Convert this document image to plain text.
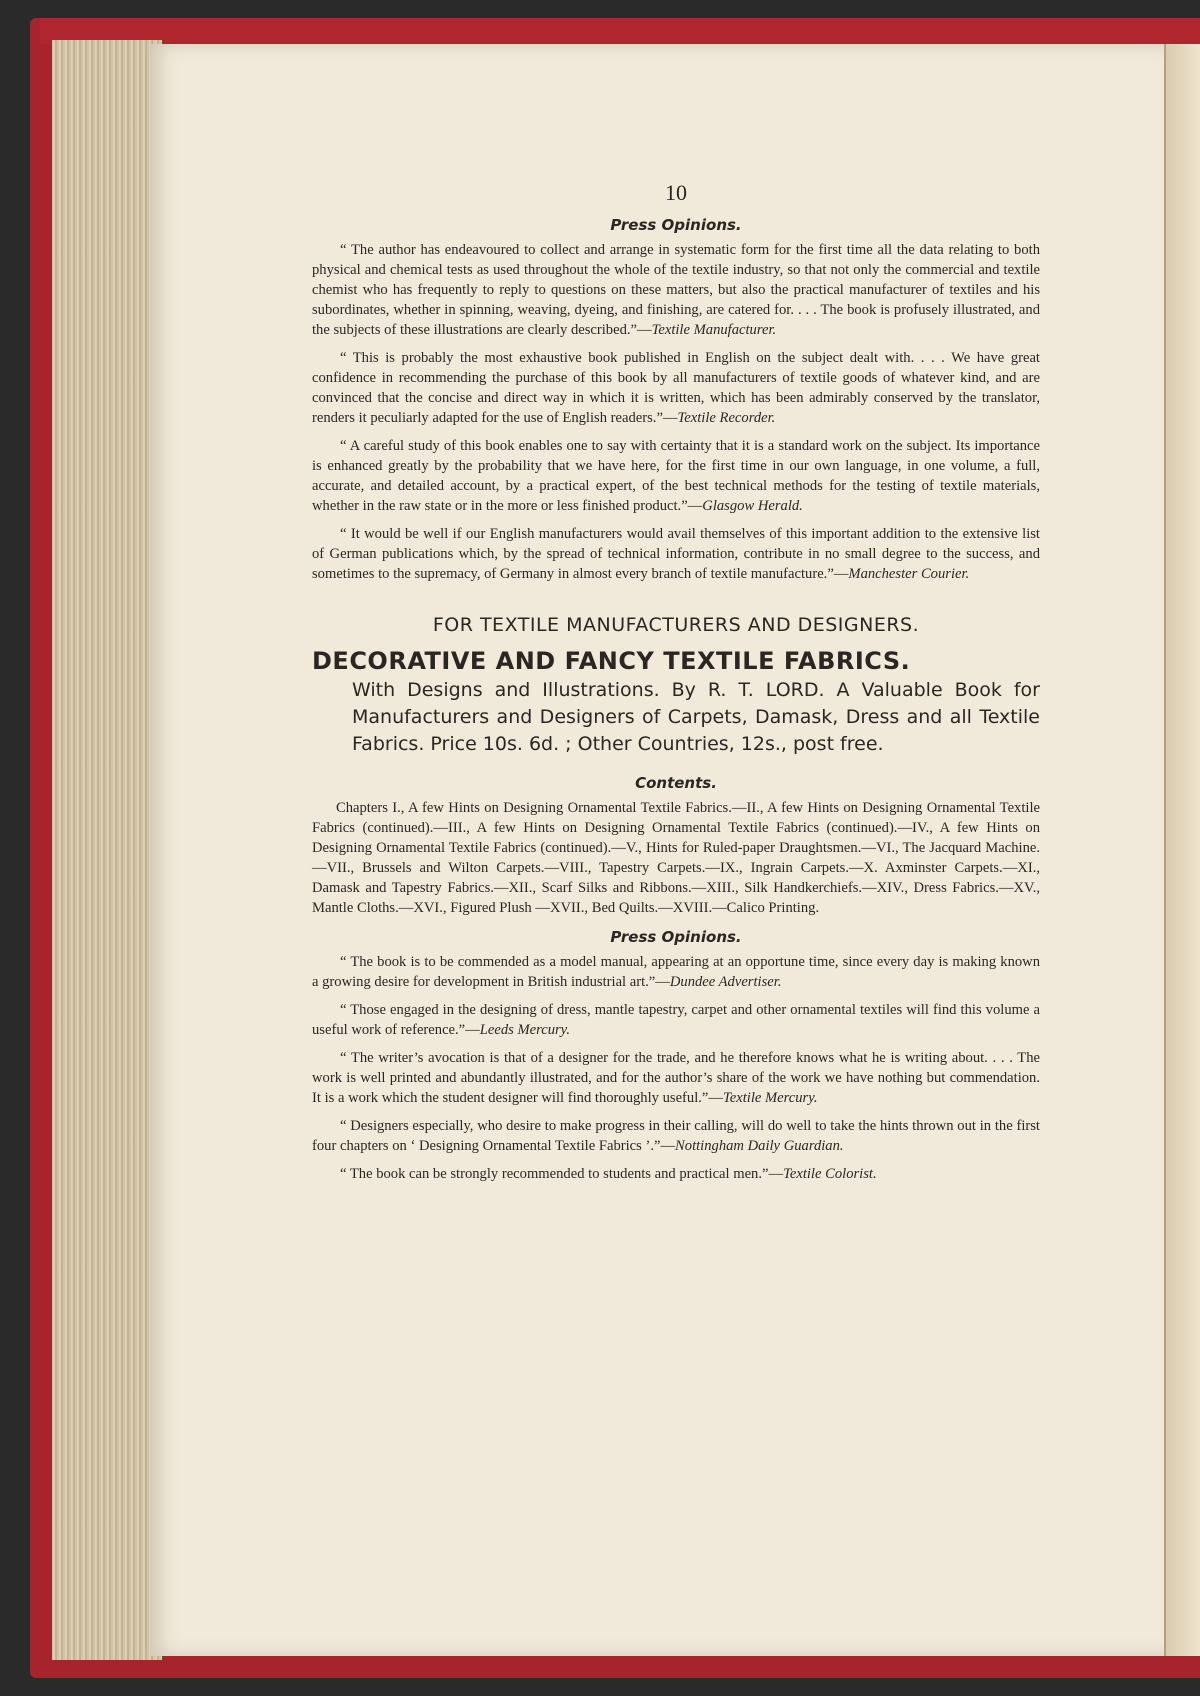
10
Press Opinions.

“ The author has endeavoured to collect and arrange in systematic form for the first time all the data relating to both physical and chemical tests as used throughout the whole of the textile industry, so that not only the commercial and textile chemist who has frequently to reply to questions on these matters, but also the practical manufacturer of textiles and his subordinates, whether in spinning, weaving, dyeing, and finishing, are catered for. . . . The book is profusely illustrated, and the subjects of these illustrations are clearly described.”—Textile Manufacturer.

“ This is probably the most exhaustive book published in English on the subject dealt with. . . . We have great confidence in recommending the purchase of this book by all manufacturers of textile goods of whatever kind, and are convinced that the concise and direct way in which it is written, which has been admirably conserved by the translator, renders it peculiarly adapted for the use of English readers.”—Textile Recorder.

“ A careful study of this book enables one to say with certainty that it is a standard work on the subject. Its importance is enhanced greatly by the probability that we have here, for the first time in our own language, in one volume, a full, accurate, and detailed account, by a practical expert, of the best technical methods for the testing of textile materials, whether in the raw state or in the more or less finished product.”—Glasgow Herald.

“ It would be well if our English manufacturers would avail themselves of this important addition to the extensive list of German publications which, by the spread of technical information, contribute in no small degree to the success, and sometimes to the supremacy, of Germany in almost every branch of textile manufacture.”—Manchester Courier.

FOR TEXTILE MANUFACTURERS AND DESIGNERS.
DECORATIVE AND FANCY TEXTILE FABRICS.
With Designs and Illustrations. By R. T. LORD. A Valuable Book for Manufacturers and Designers of Carpets, Damask, Dress and all Textile Fabrics. Price 10s. 6d. ; Other Countries, 12s., post free.
Contents.

Chapters I., A few Hints on Designing Ornamental Textile Fabrics.—II., A few Hints on Designing Ornamental Textile Fabrics (continued).—III., A few Hints on Designing Ornamental Textile Fabrics (continued).—IV., A few Hints on Designing Ornamental Textile Fabrics (continued).—V., Hints for Ruled-paper Draughtsmen.—VI., The Jacquard Machine.—VII., Brussels and Wilton Carpets.—VIII., Tapestry Carpets.—IX., Ingrain Carpets.—X. Axminster Carpets.—XI., Damask and Tapestry Fabrics.—XII., Scarf Silks and Ribbons.—XIII., Silk Handkerchiefs.—XIV., Dress Fabrics.—XV., Mantle Cloths.—XVI., Figured Plush —XVII., Bed Quilts.—XVIII.—Calico Printing.

Press Opinions.

“ The book is to be commended as a model manual, appearing at an opportune time, since every day is making known a growing desire for development in British industrial art.”—Dundee Advertiser.

“ Those engaged in the designing of dress, mantle tapestry, carpet and other ornamental textiles will find this volume a useful work of reference.”—Leeds Mercury.

“ The writer’s avocation is that of a designer for the trade, and he therefore knows what he is writing about. . . . The work is well printed and abundantly illustrated, and for the author’s share of the work we have nothing but commendation. It is a work which the student designer will find thoroughly useful.”—Textile Mercury.

“ Designers especially, who desire to make progress in their calling, will do well to take the hints thrown out in the first four chapters on ‘ Designing Ornamental Textile Fabrics ’.”—Nottingham Daily Guardian.

“ The book can be strongly recommended to students and practical men.”—Textile Colorist.
